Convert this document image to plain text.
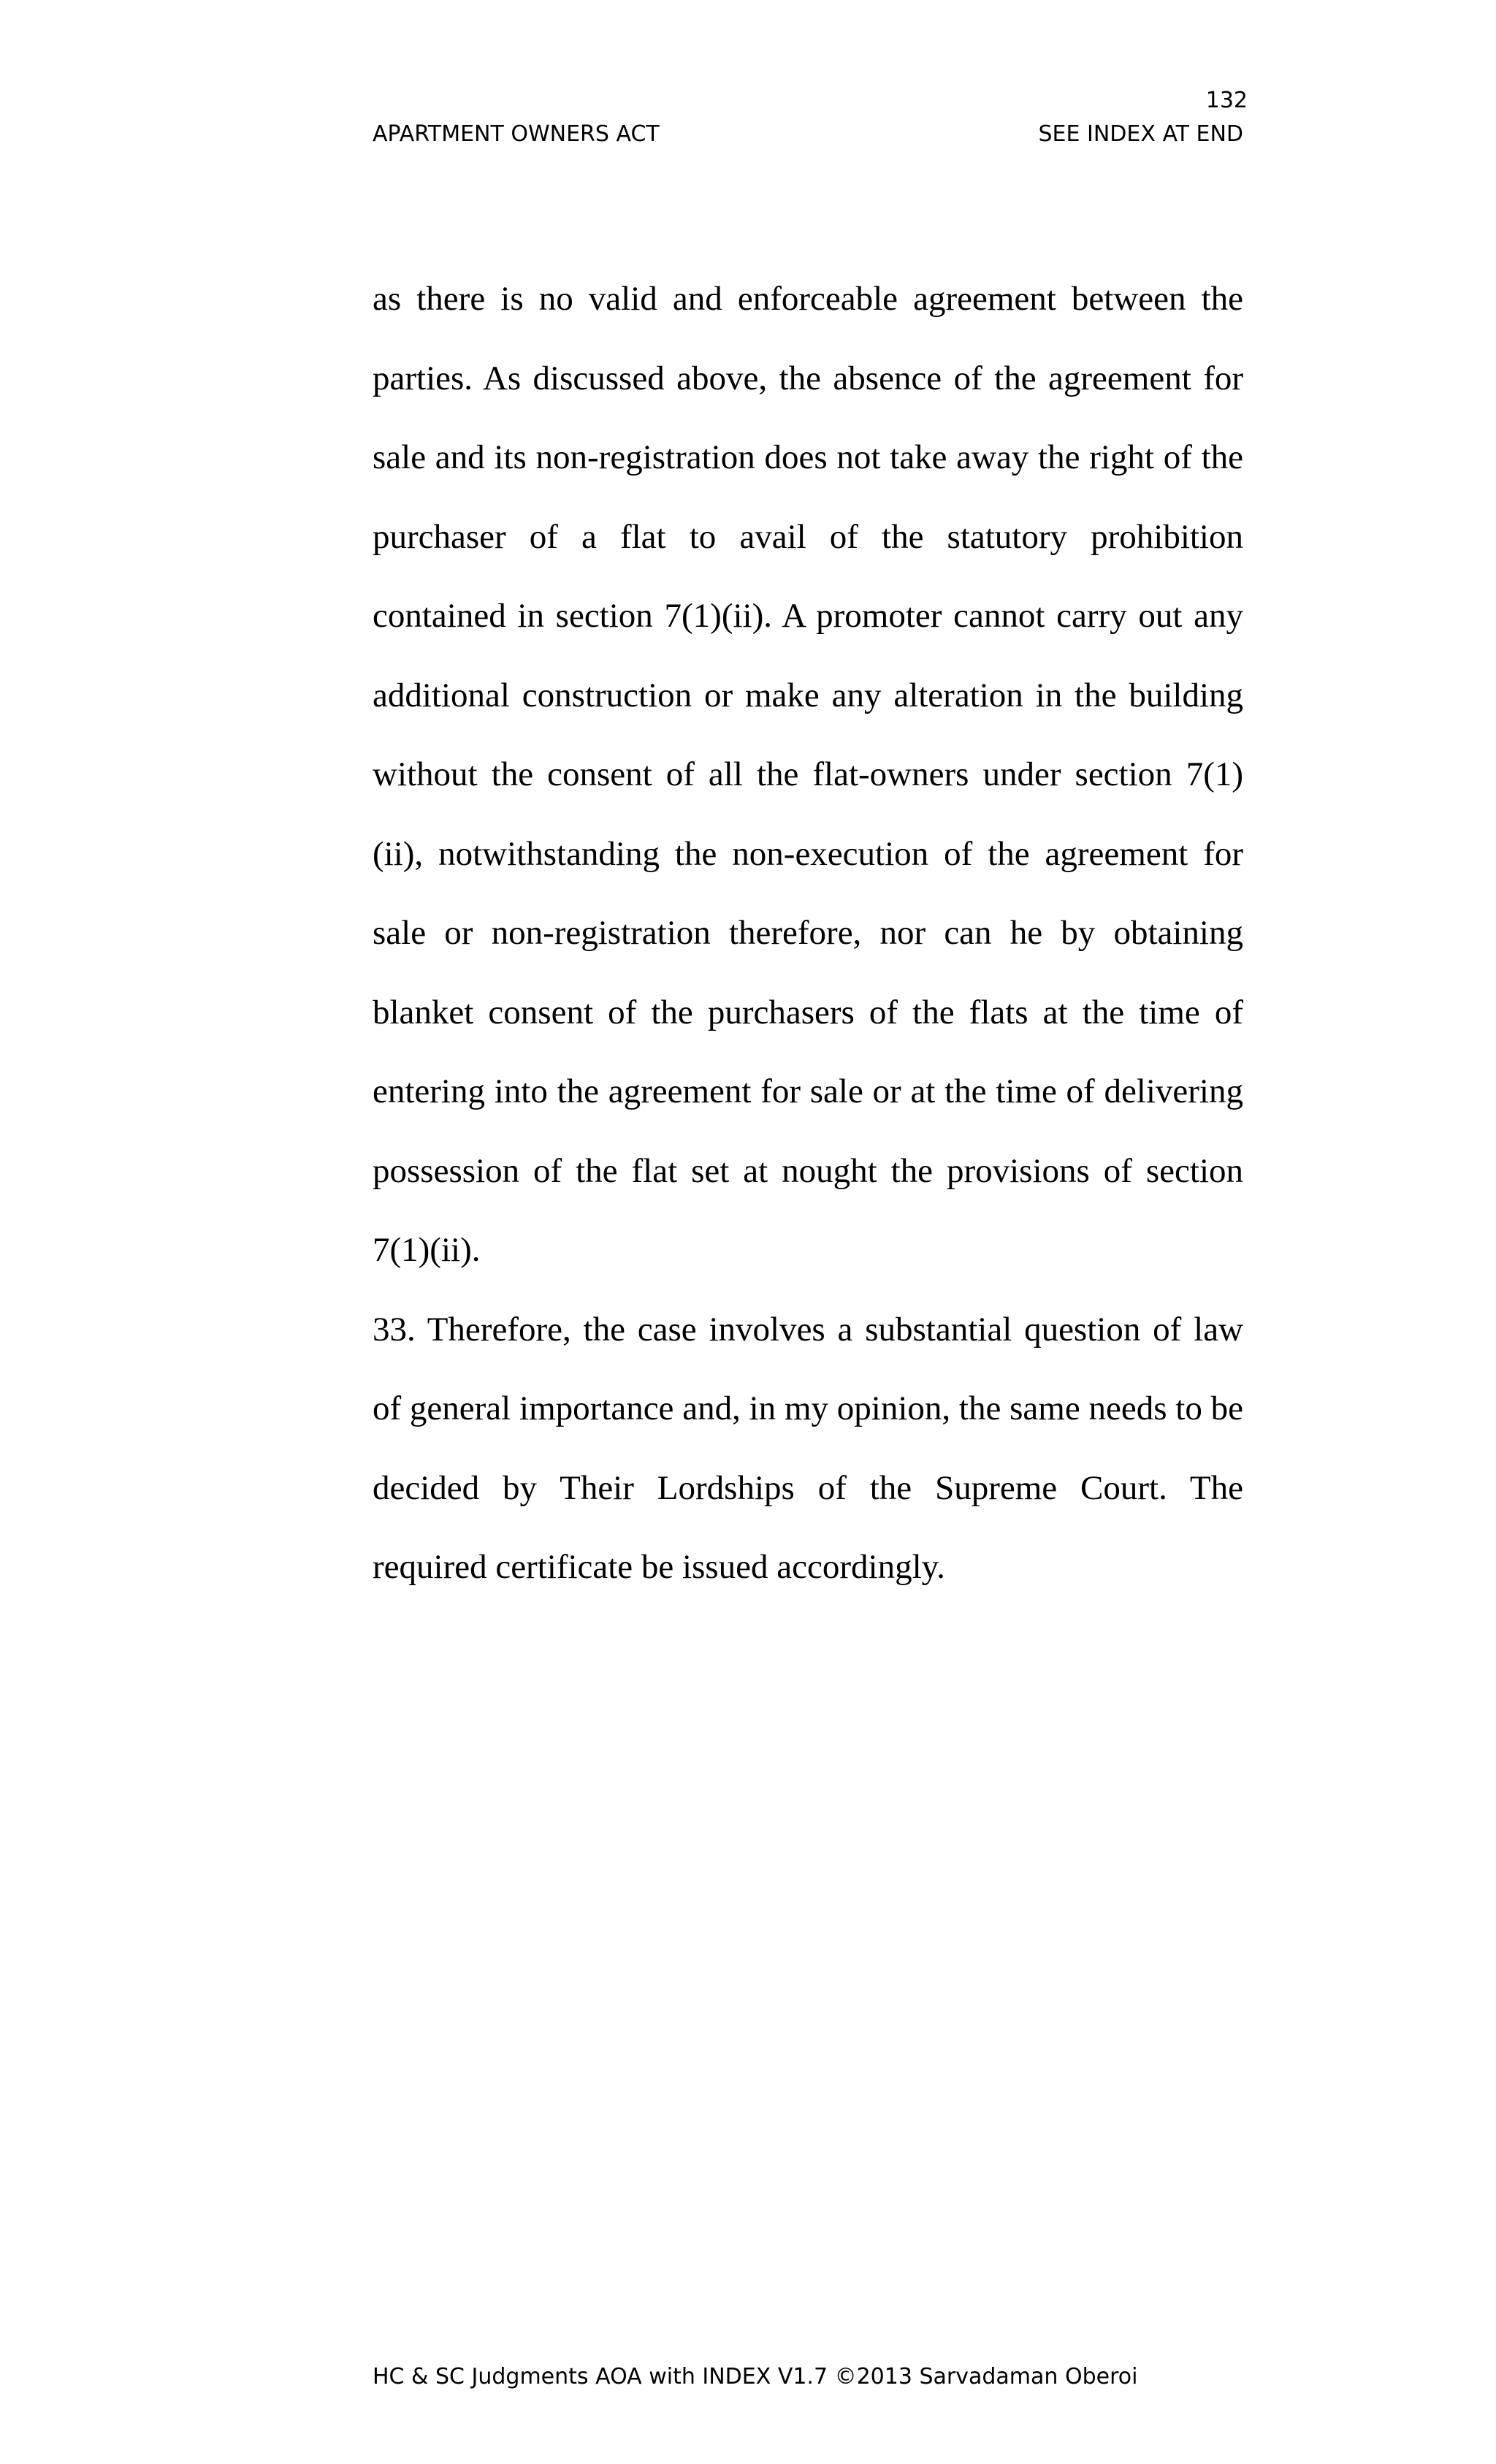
132
APARTMENT OWNERS ACT	SEE INDEX AT END

as there is no valid and enforceable agreement between the parties. As discussed above, the absence of the agreement for sale and its non-registration does not take away the right of the purchaser of a flat to avail of the statutory prohibition contained in section 7(1)(ii). A promoter cannot carry out any additional construction or make any alteration in the building without the consent of all the flat-owners under section 7(1)(ii), notwithstanding the non-execution of the agreement for sale or non-registration therefore, nor can he by obtaining blanket consent of the purchasers of the flats at the time of entering into the agreement for sale or at the time of delivering possession of the flat set at nought the provisions of section 7(1)(ii).

33. Therefore, the case involves a substantial question of law of general importance and, in my opinion, the same needs to be decided by Their Lordships of the Supreme Court. The required certificate be issued accordingly.

HC & SC Judgments AOA with INDEX V1.7 ©2013 Sarvadaman Oberoi
